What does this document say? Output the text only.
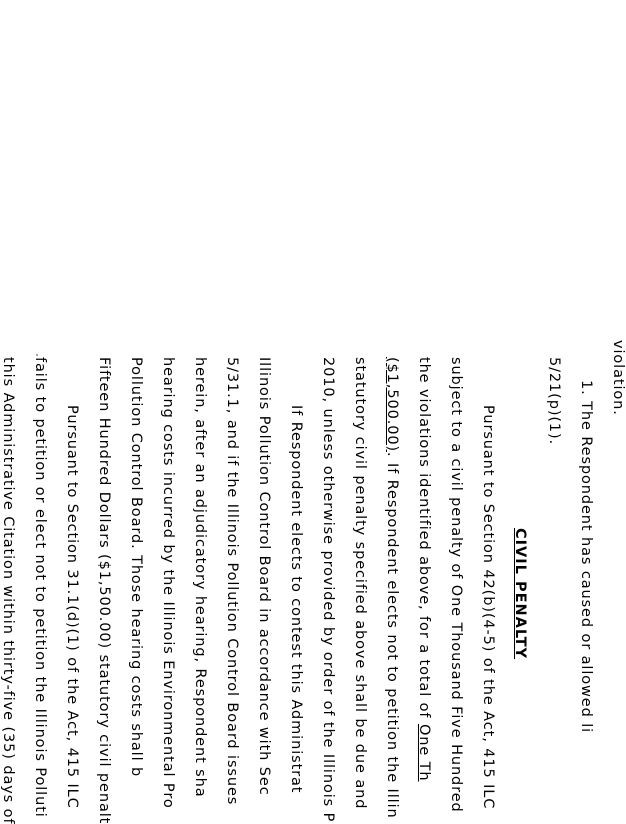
violation.
1. The Respondent has caused or allowed li
5/21(p)(1).
CIVIL PENALTY
Pursuant to Section 42(b)(4-5) of the Act, 415 ILC
subject to a civil penalty of One Thousand Five Hundred
the violations identified above, for a total of One Th
($1,500.00). If Respondent elects not to petition the Illin
statutory civil penalty specified above shall be due and
2010, unless otherwise provided by order of the Illinois P
If Respondent elects to contest this Administrat
Illinois Pollution Control Board in accordance with Sec
5/31.1, and if the Illinois Pollution Control Board issues
herein, after an adjudicatory hearing, Respondent sha
hearing costs incurred by the Illinois Environmental Pro
Pollution Control Board. Those hearing costs shall b
Fifteen Hundred Dollars ($1,500.00) statutory civil penalt
Pursuant to Section 31.1(d)(1) of the Act, 415 ILC
fails to petition or elect not to petition the Illinois Polluti
this Administrative Citation within thirty-five (35) days of
